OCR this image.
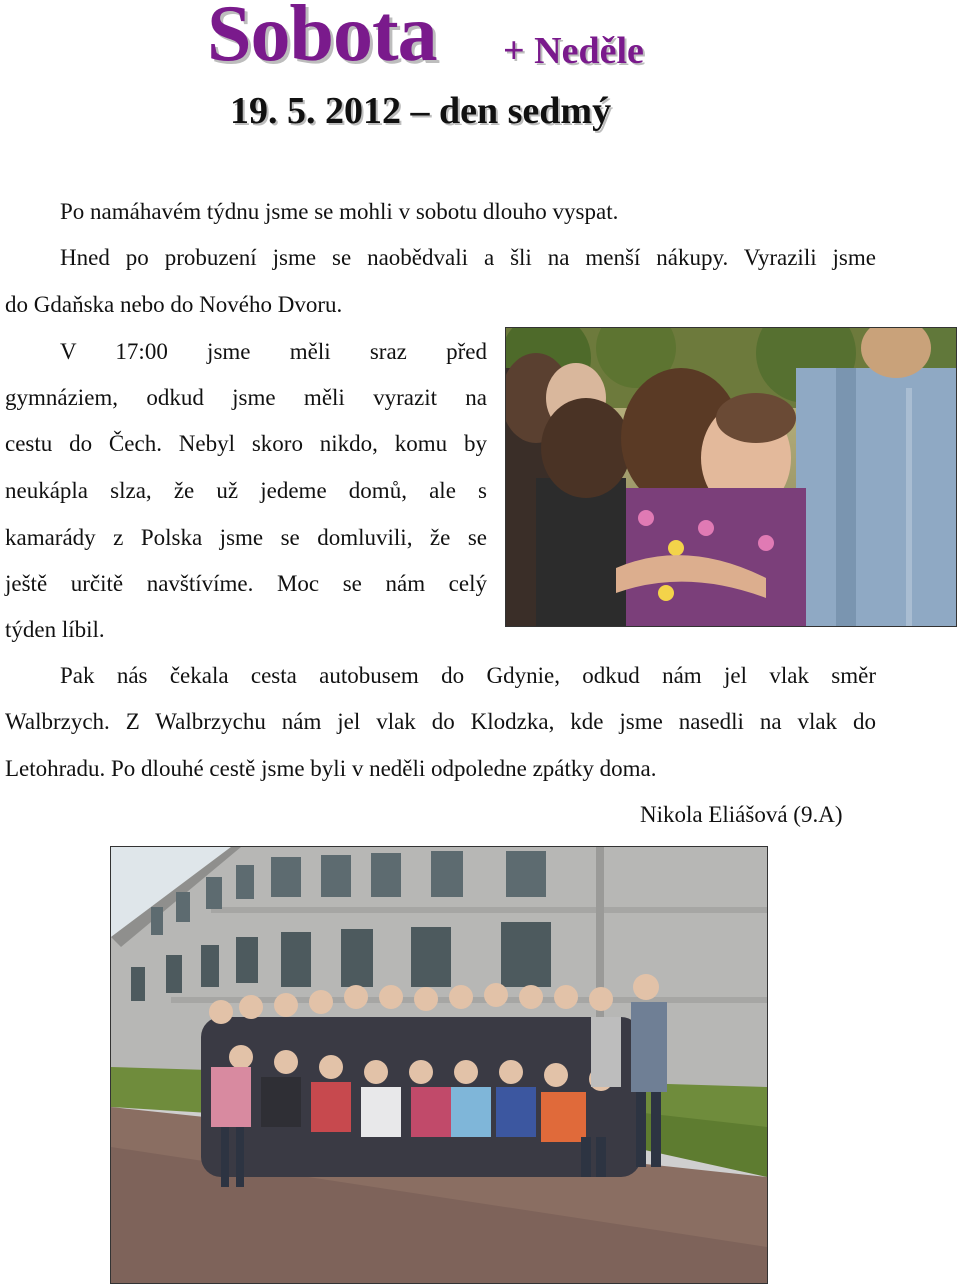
Sobota + Neděle
19. 5. 2012 – den sedmý
Po namáhavém týdnu jsme se mohli v sobotu dlouho vyspat.
Hned po probuzení jsme se naobědvali a šli na menší nákupy. Vyrazili jsme
do Gdaňska nebo do Nového Dvoru.
V 17:00 jsme měli sraz před
gymnáziem, odkud jsme měli vyrazit na
cestu do Čech. Nebyl skoro nikdo, komu by
neukápla slza, že už jedeme domů, ale s
kamarády z Polska jsme se domluvili, že se
ještě určitě navštívíme. Moc se nám celý
týden líbil.
Pak nás čekala cesta autobusem do Gdynie, odkud nám jel vlak směr
Walbrzych. Z Walbrzychu nám jel vlak do Klodzka, kde jsme nasedli na vlak do
Letohradu. Po dlouhé cestě jsme byli v neděli odpoledne zpátky doma.
Nikola Eliášová (9.A)
